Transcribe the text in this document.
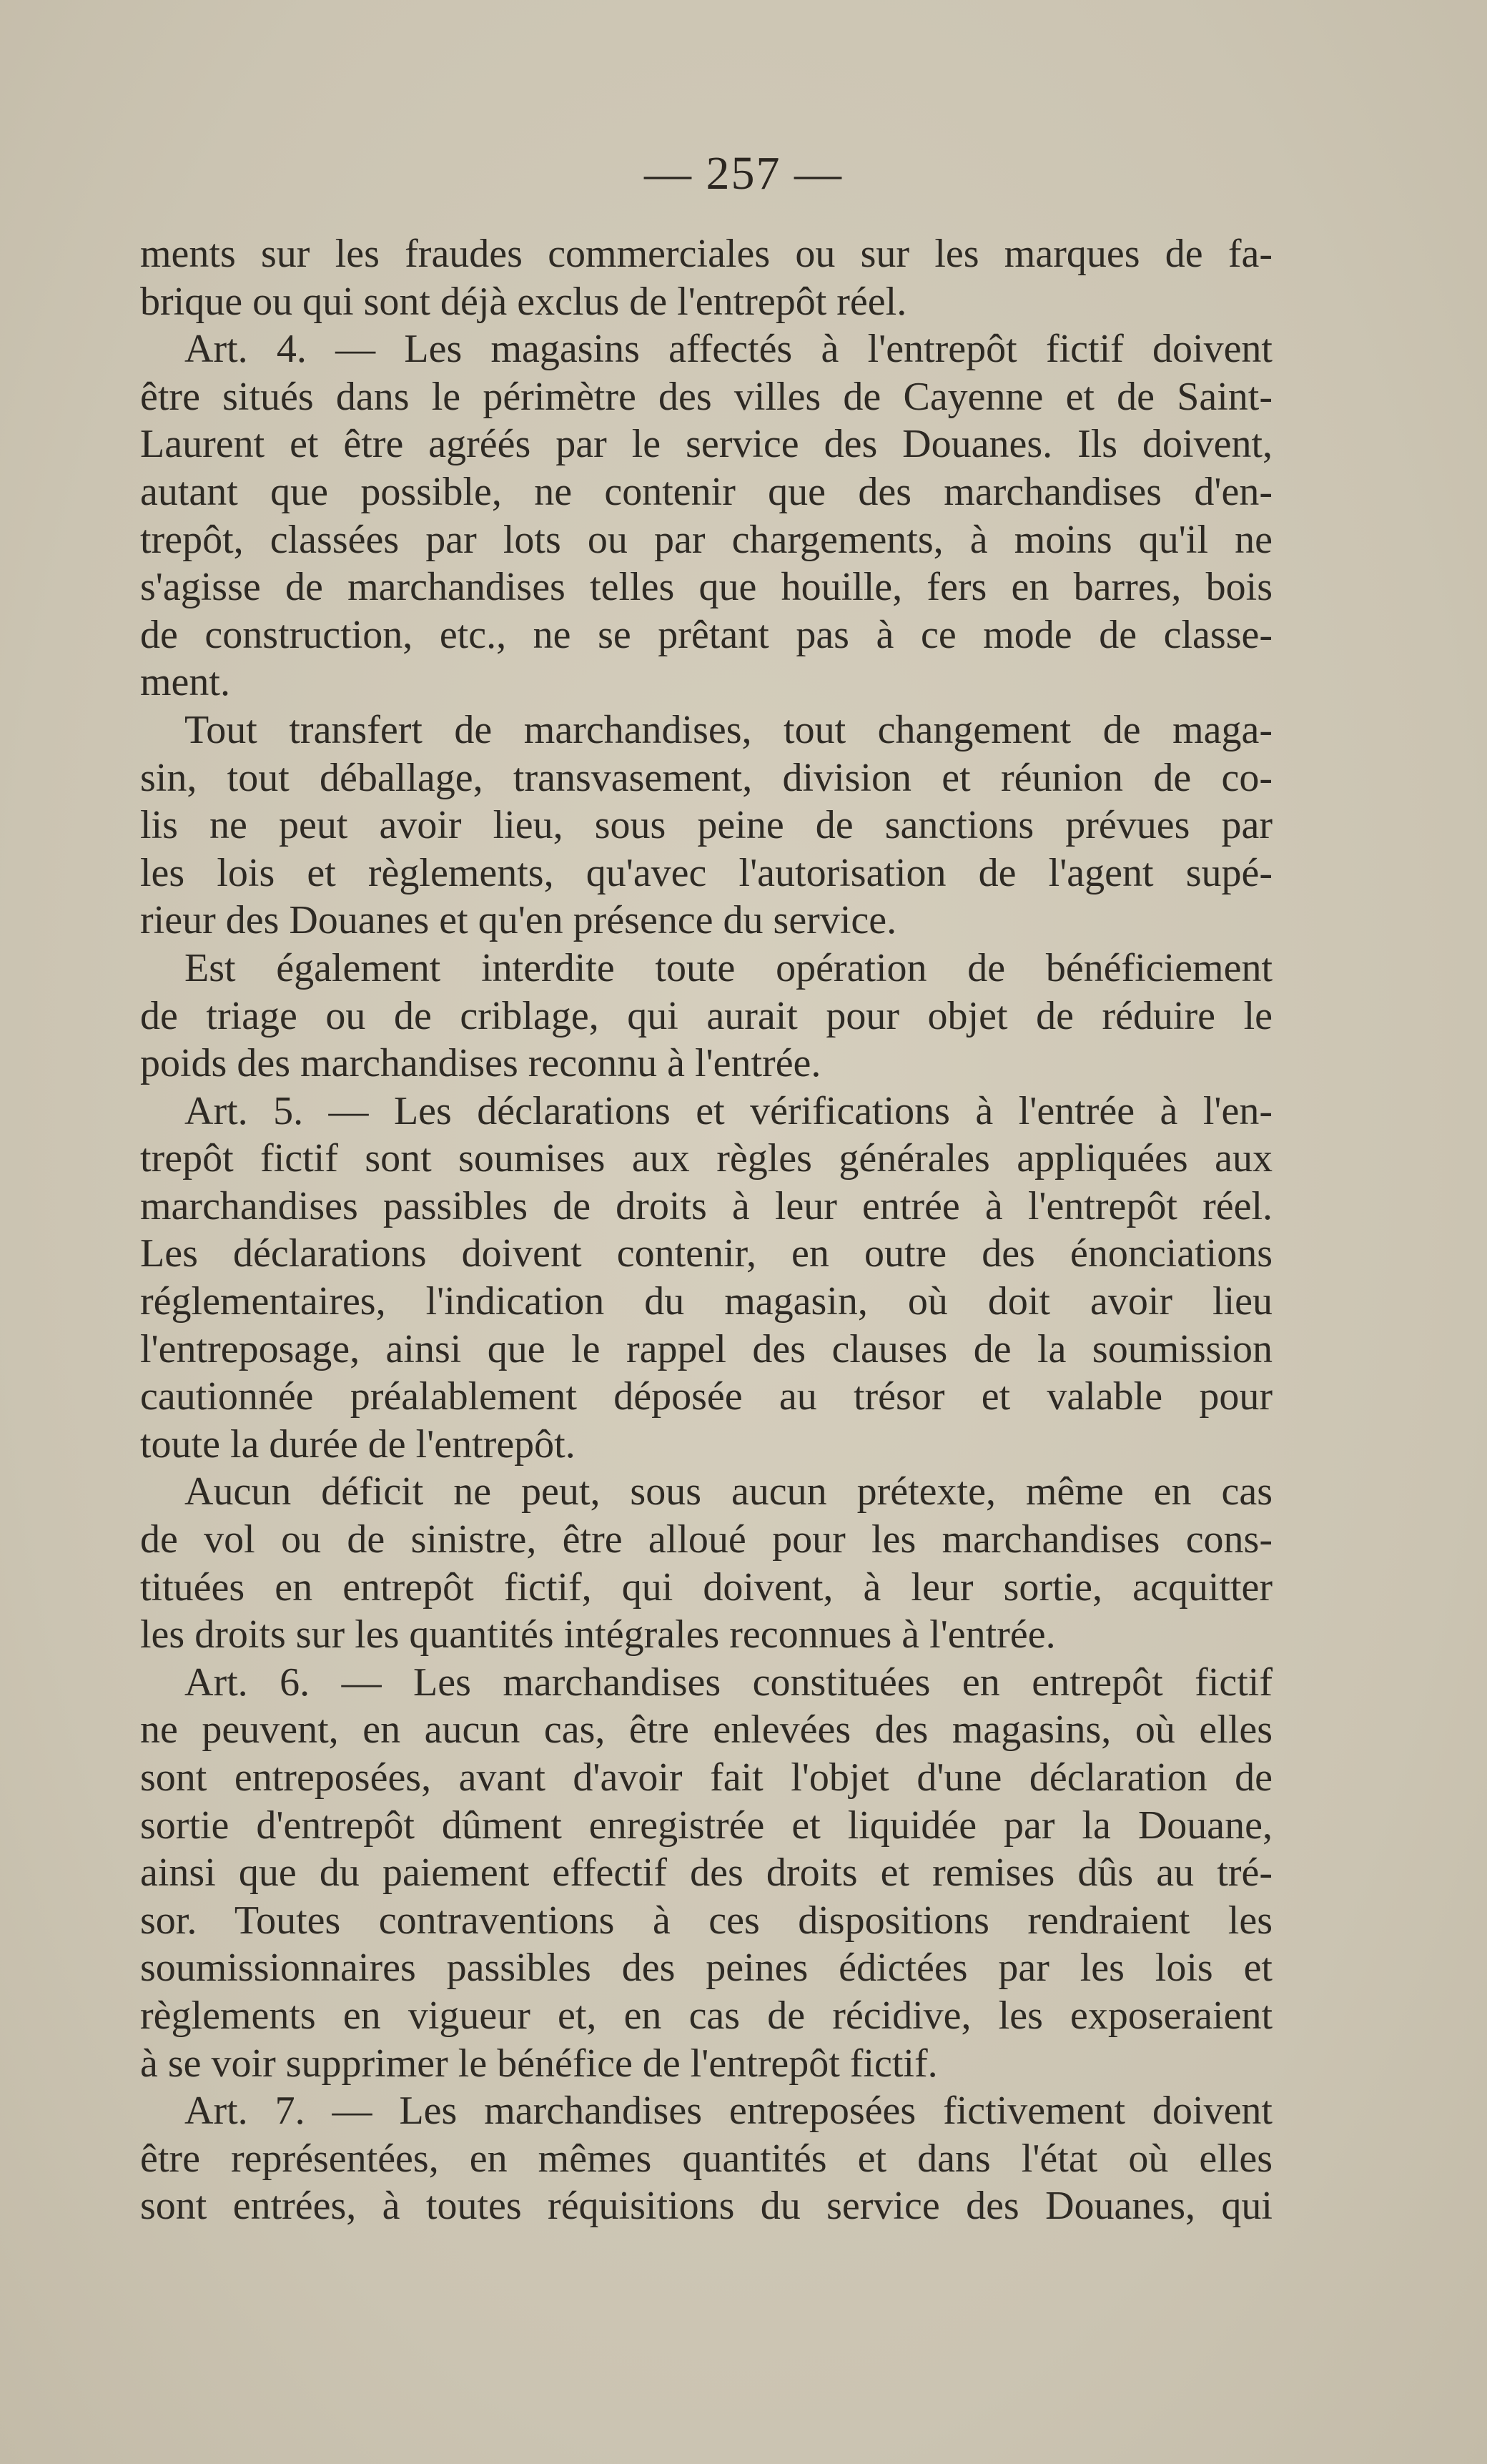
— 257 —
ments sur les fraudes commerciales ou sur les marques de fa-
brique ou qui sont déjà exclus de l'entrepôt réel.
Art. 4. — Les magasins affectés à l'entrepôt fictif doivent
être situés dans le périmètre des villes de Cayenne et de Saint-
Laurent et être agréés par le service des Douanes. Ils doivent,
autant que possible, ne contenir que des marchandises d'en-
trepôt, classées par lots ou par chargements, à moins qu'il ne
s'agisse de marchandises telles que houille, fers en barres, bois
de construction, etc., ne se prêtant pas à ce mode de classe-
ment.
Tout transfert de marchandises, tout changement de maga-
sin, tout déballage, transvasement, division et réunion de co-
lis ne peut avoir lieu, sous peine de sanctions prévues par
les lois et règlements, qu'avec l'autorisation de l'agent supé-
rieur des Douanes et qu'en présence du service.
Est également interdite toute opération de bénéficiement
de triage ou de criblage, qui aurait pour objet de réduire le
poids des marchandises reconnu à l'entrée.
Art. 5. — Les déclarations et vérifications à l'entrée à l'en-
trepôt fictif sont soumises aux règles générales appliquées aux
marchandises passibles de droits à leur entrée à l'entrepôt réel.
Les déclarations doivent contenir, en outre des énonciations
réglementaires, l'indication du magasin, où doit avoir lieu
l'entreposage, ainsi que le rappel des clauses de la soumission
cautionnée préalablement déposée au trésor et valable pour
toute la durée de l'entrepôt.
Aucun déficit ne peut, sous aucun prétexte, même en cas
de vol ou de sinistre, être alloué pour les marchandises cons-
tituées en entrepôt fictif, qui doivent, à leur sortie, acquitter
les droits sur les quantités intégrales reconnues à l'entrée.
Art. 6. — Les marchandises constituées en entrepôt fictif
ne peuvent, en aucun cas, être enlevées des magasins, où elles
sont entreposées, avant d'avoir fait l'objet d'une déclaration de
sortie d'entrepôt dûment enregistrée et liquidée par la Douane,
ainsi que du paiement effectif des droits et remises dûs au tré-
sor. Toutes contraventions à ces dispositions rendraient les
soumissionnaires passibles des peines édictées par les lois et
règlements en vigueur et, en cas de récidive, les exposeraient
à se voir supprimer le bénéfice de l'entrepôt fictif.
Art. 7. — Les marchandises entreposées fictivement doivent
être représentées, en mêmes quantités et dans l'état où elles
sont entrées, à toutes réquisitions du service des Douanes, qui
